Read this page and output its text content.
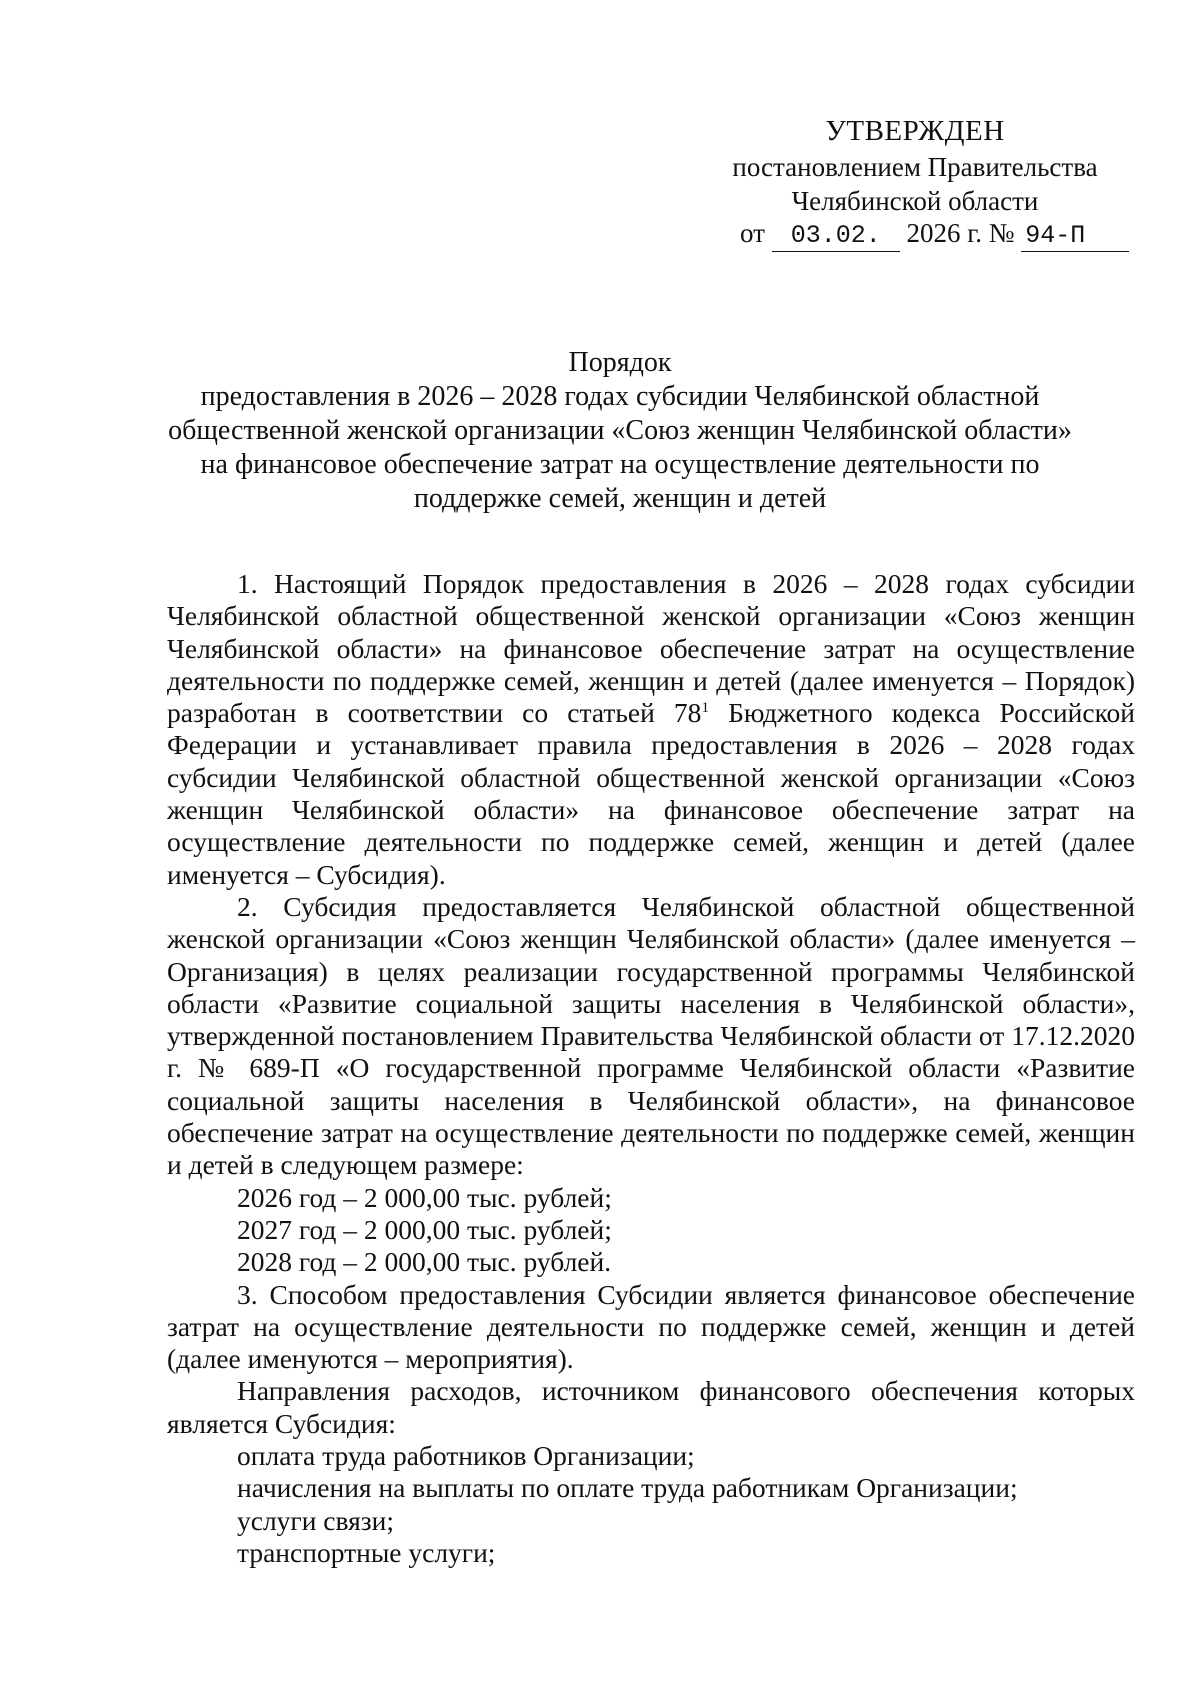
УТВЕРЖДЕН
постановлением Правительства
Челябинской области
от 03.02. 2026 г. № 94-П
Порядок
предоставления в 2026 – 2028 годах субсидии Челябинской областной общественной женской организации «Союз женщин Челябинской области» на финансовое обеспечение затрат на осуществление деятельности по поддержке семей, женщин и детей

1. Настоящий Порядок предоставления в 2026 – 2028 годах субсидии Челябинской областной общественной женской организации «Союз женщин Челябинской области» на финансовое обеспечение затрат на осуществление деятельности по поддержке семей, женщин и детей (далее именуется – Порядок) разработан в соответствии со статьей $78^1$ Бюджетного кодекса Российской Федерации и устанавливает правила предоставления в 2026 – 2028 годах субсидии Челябинской областной общественной женской организации «Союз женщин Челябинской области» на финансовое обеспечение затрат на осуществление деятельности по поддержке семей, женщин и детей (далее именуется – Субсидия).

2. Субсидия предоставляется Челябинской областной общественной женской организации «Союз женщин Челябинской области» (далее именуется – Организация) в целях реализации государственной программы Челябинской области «Развитие социальной защиты населения в Челябинской области», утвержденной постановлением Правительства Челябинской области от 17.12.2020 г. № 689-П «О государственной программе Челябинской области «Развитие социальной защиты населения в Челябинской области», на финансовое обеспечение затрат на осуществление деятельности по поддержке семей, женщин и детей в следующем размере:

2026 год – 2 000,00 тыс. рублей;

2027 год – 2 000,00 тыс. рублей;

2028 год – 2 000,00 тыс. рублей.

3. Способом предоставления Субсидии является финансовое обеспечение затрат на осуществление деятельности по поддержке семей, женщин и детей (далее именуются – мероприятия).

Направления расходов, источником финансового обеспечения которых является Субсидия:

оплата труда работников Организации;

начисления на выплаты по оплате труда работникам Организации;

услуги связи;

транспортные услуги;
